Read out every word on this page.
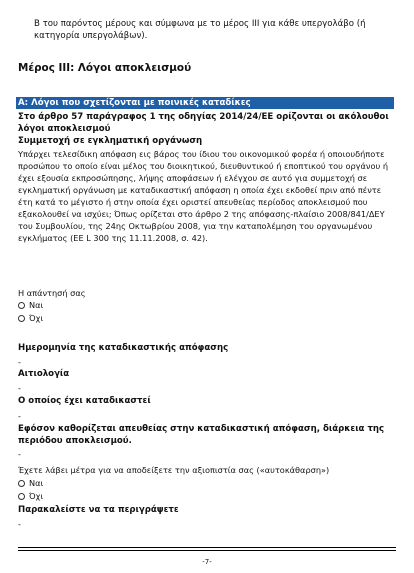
Β του παρόντος μέρους και σύμφωνα με το μέρος ΙΙΙ για κάθε υπεργολάβο (ή κατηγορία υπεργολάβων).

Μέρος ΙΙΙ: Λόγοι αποκλεισμού

Α: Λόγοι που σχετίζονται με ποινικές καταδίκες

Στο άρθρο 57 παράγραφος 1 της οδηγίας 2014/24/ΕΕ ορίζονται οι ακόλουθοι λόγοι αποκλεισμού

Συμμετοχή σε εγκληματική οργάνωση

Υπάρχει τελεσίδικη απόφαση εις βάρος του ίδιου του οικονομικού φορέα ή οποιουδήποτε προσώπου το οποίο είναι μέλος του διοικητικού, διευθυντικού ή εποπτικού του οργάνου ή έχει εξουσία εκπροσώπησης, λήψης αποφάσεων ή ελέγχου σε αυτό για συμμετοχή σε εγκληματική οργάνωση με καταδικαστική απόφαση η οποία έχει εκδοθεί πριν από πέντε έτη κατά το μέγιστο ή στην οποία έχει οριστεί απευθείας περίοδος αποκλεισμού που εξακολουθεί να ισχύει; Όπως ορίζεται στο άρθρο 2 της απόφασης-πλαίσιο 2008/841/ΔΕΥ του Συμβουλίου, της 24ης Οκτωβρίου 2008, για την καταπολέμηση του οργανωμένου εγκλήματος (ΕΕ L 300 της 11.11.2008, σ. 42).

Η απάντησή σας

Ναι
Όχι

Ημερομηνία της καταδικαστικής απόφασης

-

Αιτιολογία

-

Ο οποίος έχει καταδικαστεί

-

Εφόσον καθορίζεται απευθείας στην καταδικαστική απόφαση, διάρκεια της περιόδου αποκλεισμού.

-

Έχετε λάβει μέτρα για να αποδείξετε την αξιοπιστία σας («αυτοκάθαρση»)

Ναι
Όχι

Παρακαλείστε να τα περιγράψετε

-
-7-
